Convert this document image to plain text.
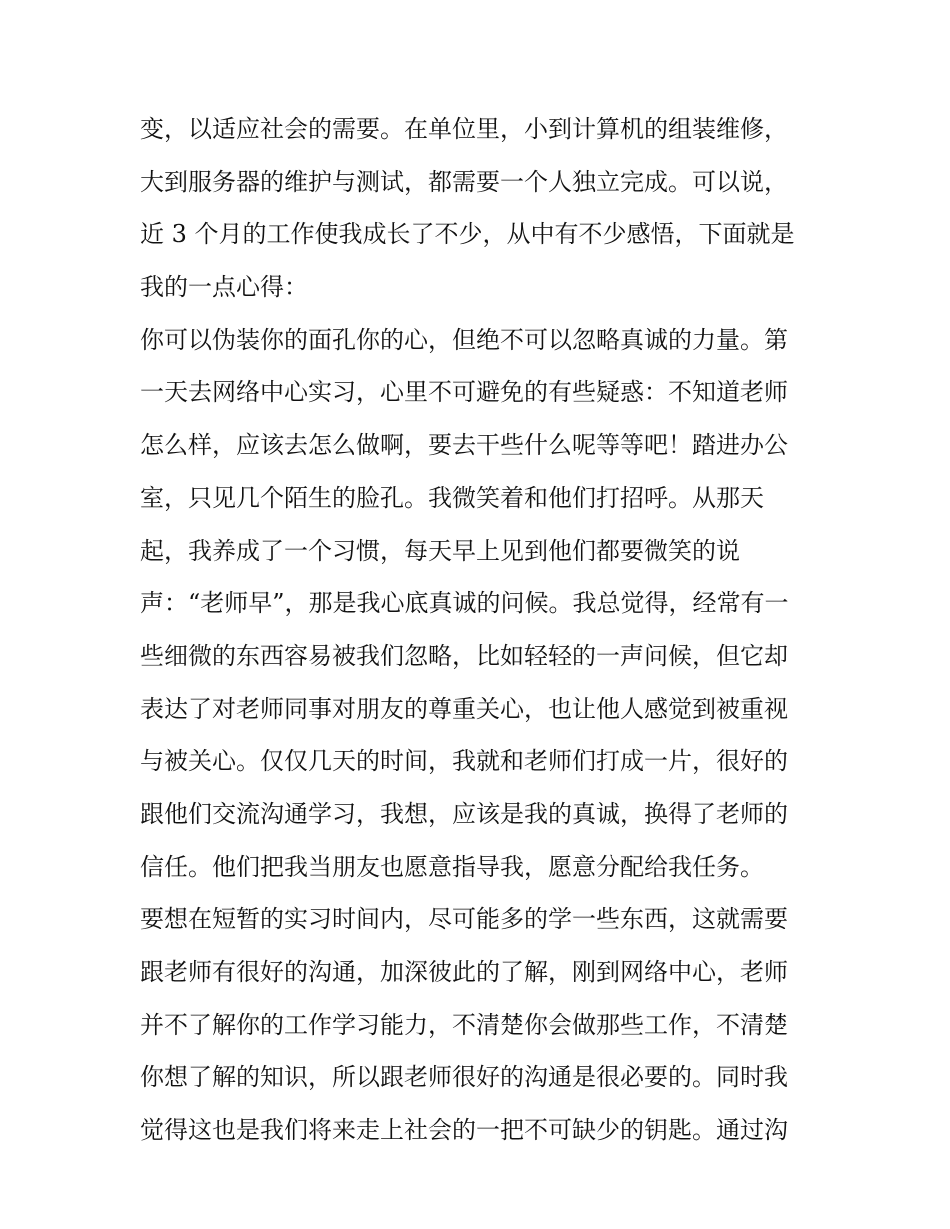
变，以适应社会的需要。在单位里，小到计算机的组装维修，
大到服务器的维护与测试，都需要一个人独立完成。可以说，
近 3 个月的工作使我成长了不少，从中有不少感悟，下面就是
我的一点心得：
你可以伪装你的面孔你的心，但绝不可以忽略真诚的力量。第
一天去网络中心实习，心里不可避免的有些疑惑：不知道老师
怎么样，应该去怎么做啊，要去干些什么呢等等吧！踏进办公
室，只见几个陌生的脸孔。我微笑着和他们打招呼。从那天
起，我养成了一个习惯，每天早上见到他们都要微笑的说
声：“老师早”，那是我心底真诚的问候。我总觉得，经常有一
些细微的东西容易被我们忽略，比如轻轻的一声问候，但它却
表达了对老师同事对朋友的尊重关心，也让他人感觉到被重视
与被关心。仅仅几天的时间，我就和老师们打成一片，很好的
跟他们交流沟通学习，我想，应该是我的真诚，换得了老师的
信任。他们把我当朋友也愿意指导我，愿意分配给我任务。
要想在短暂的实习时间内，尽可能多的学一些东西，这就需要
跟老师有很好的沟通，加深彼此的了解，刚到网络中心，老师
并不了解你的工作学习能力，不清楚你会做那些工作，不清楚
你想了解的知识，所以跟老师很好的沟通是很必要的。同时我
觉得这也是我们将来走上社会的一把不可缺少的钥匙。通过沟
